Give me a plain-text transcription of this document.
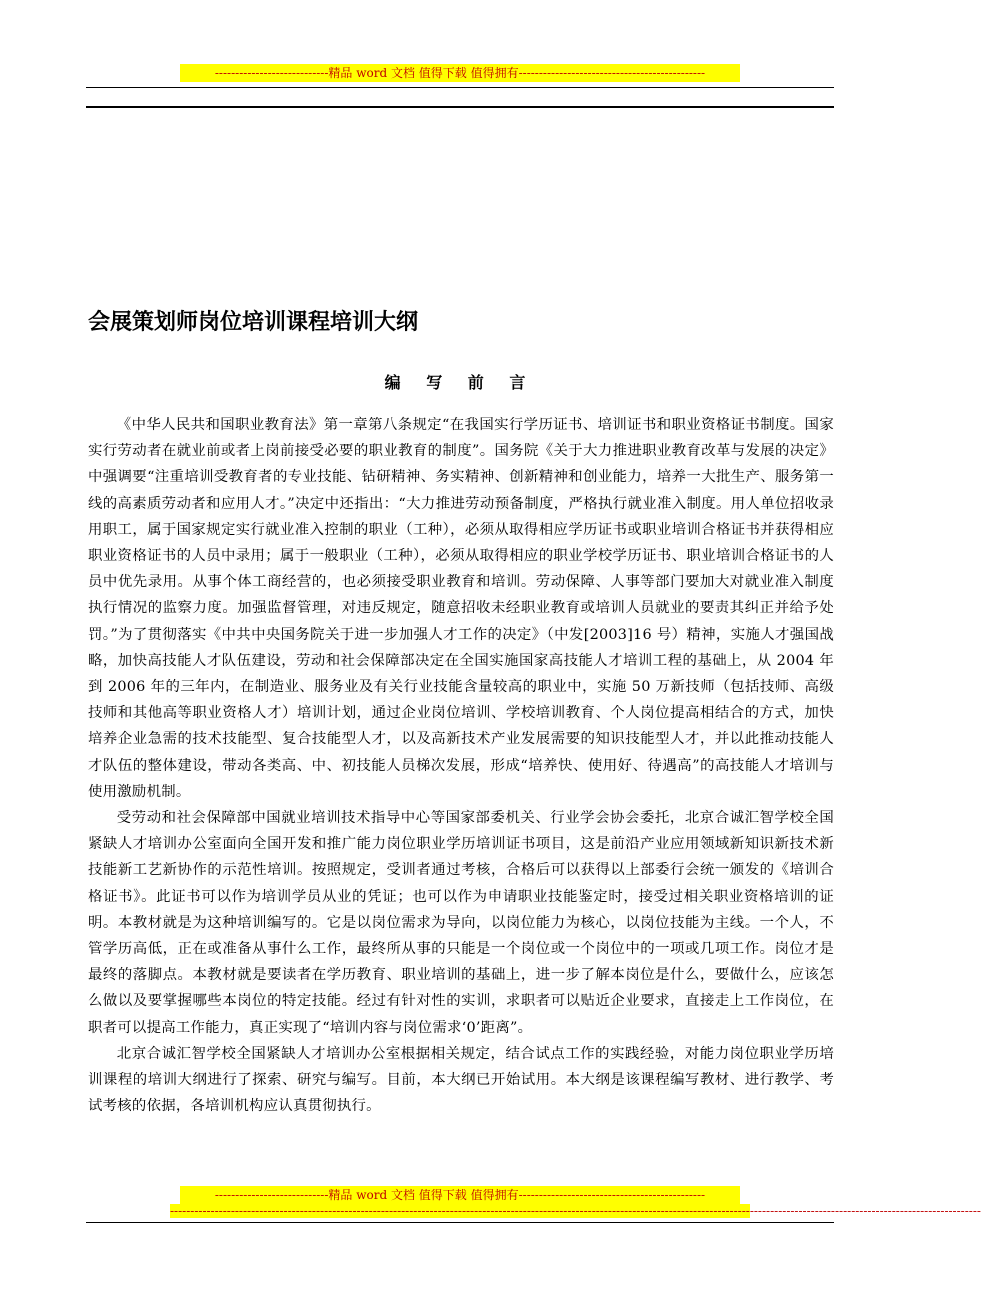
----------------------------精品 word 文档 值得下载 值得拥有----------------------------------------------
会展策划师岗位培训课程培训大纲
编 写 前 言

《中华人民共和国职业教育法》第一章第八条规定“在我国实行学历证书、培训证书和职业资格证书制度。国家实行劳动者在就业前或者上岗前接受必要的职业教育的制度”。国务院《关于大力推进职业教育改革与发展的决定》中强调要“注重培训受教育者的专业技能、钻研精神、务实精神、创新精神和创业能力，培养一大批生产、服务第一线的高素质劳动者和应用人才。”决定中还指出：“大力推进劳动预备制度，严格执行就业准入制度。用人单位招收录用职工，属于国家规定实行就业准入控制的职业（工种），必须从取得相应学历证书或职业培训合格证书并获得相应职业资格证书的人员中录用；属于一般职业（工种），必须从取得相应的职业学校学历证书、职业培训合格证书的人员中优先录用。从事个体工商经营的，也必须接受职业教育和培训。劳动保障、人事等部门要加大对就业准入制度执行情况的监察力度。加强监督管理，对违反规定，随意招收未经职业教育或培训人员就业的要责其纠正并给予处罚。”为了贯彻落实《中共中央国务院关于进一步加强人才工作的决定》（中发[2003]16 号）精神，实施人才强国战略，加快高技能人才队伍建设，劳动和社会保障部决定在全国实施国家高技能人才培训工程的基础上，从 2004 年到 2006 年的三年内，在制造业、服务业及有关行业技能含量较高的职业中，实施 50 万新技师（包括技师、高级技师和其他高等职业资格人才）培训计划，通过企业岗位培训、学校培训教育、个人岗位提高相结合的方式，加快培养企业急需的技术技能型、复合技能型人才，以及高新技术产业发展需要的知识技能型人才，并以此推动技能人才队伍的整体建设，带动各类高、中、初技能人员梯次发展，形成“培养快、使用好、待遇高”的高技能人才培训与使用激励机制。

受劳动和社会保障部中国就业培训技术指导中心等国家部委机关、行业学会协会委托，北京合诚汇智学校全国紧缺人才培训办公室面向全国开发和推广能力岗位职业学历培训证书项目，这是前沿产业应用领域新知识新技术新技能新工艺新协作的示范性培训。按照规定，受训者通过考核，合格后可以获得以上部委行会统一颁发的《培训合格证书》。此证书可以作为培训学员从业的凭证；也可以作为申请职业技能鉴定时，接受过相关职业资格培训的证明。本教材就是为这种培训编写的。它是以岗位需求为导向，以岗位能力为核心，以岗位技能为主线。一个人，不管学历高低，正在或准备从事什么工作，最终所从事的只能是一个岗位或一个岗位中的一项或几项工作。岗位才是最终的落脚点。本教材就是要读者在学历教育、职业培训的基础上，进一步了解本岗位是什么，要做什么，应该怎么做以及要掌握哪些本岗位的特定技能。经过有针对性的实训，求职者可以贴近企业要求，直接走上工作岗位，在职者可以提高工作能力，真正实现了“培训内容与岗位需求‘0’距离”。

北京合诚汇智学校全国紧缺人才培训办公室根据相关规定，结合试点工作的实践经验，对能力岗位职业学历培训课程的培训大纲进行了探索、研究与编写。目前，本大纲已开始试用。本大纲是该课程编写教材、进行教学、考试考核的依据，各培训机构应认真贯彻执行。

----------------------------精品 word 文档 值得下载 值得拥有----------------------------------------------
--------------------------------------------------------------------------------------------------------------------------------------------------------------------------------------------------------
